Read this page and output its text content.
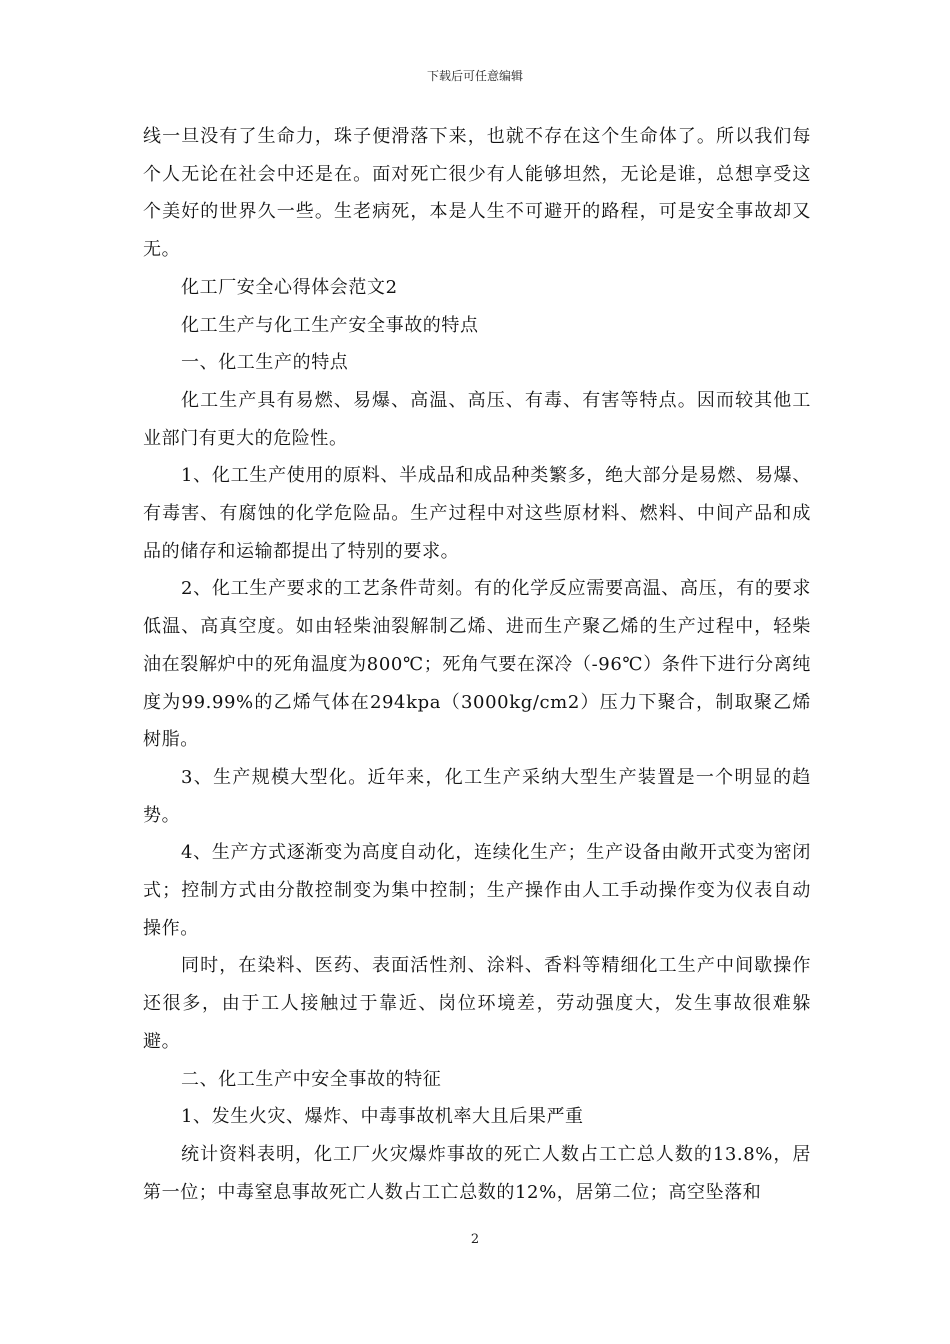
下载后可任意编辑

线一旦没有了生命力，珠子便滑落下来，也就不存在这个生命体了。所以我们每个人无论在社会中还是在。面对死亡很少有人能够坦然，无论是谁，总想享受这个美好的世界久一些。生老病死，本是人生不可避开的路程，可是安全事故却又无。

化工厂安全心得体会范文2

化工生产与化工生产安全事故的特点

一、化工生产的特点

化工生产具有易燃、易爆、高温、高压、有毒、有害等特点。因而较其他工业部门有更大的危险性。

1、化工生产使用的原料、半成品和成品种类繁多，绝大部分是易燃、易爆、有毒害、有腐蚀的化学危险品。生产过程中对这些原材料、燃料、中间产品和成品的储存和运输都提出了特别的要求。

2、化工生产要求的工艺条件苛刻。有的化学反应需要高温、高压，有的要求低温、高真空度。如由轻柴油裂解制乙烯、进而生产聚乙烯的生产过程中，轻柴油在裂解炉中的死角温度为800℃；死角气要在深冷（-96℃）条件下进行分离纯度为99.99%的乙烯气体在294kpa（3000kg/cm2）压力下聚合，制取聚乙烯树脂。

3、生产规模大型化。近年来，化工生产采纳大型生产装置是一个明显的趋势。

4、生产方式逐渐变为高度自动化，连续化生产；生产设备由敞开式变为密闭式；控制方式由分散控制变为集中控制；生产操作由人工手动操作变为仪表自动操作。

同时，在染料、医药、表面活性剂、涂料、香料等精细化工生产中间歇操作还很多，由于工人接触过于靠近、岗位环境差，劳动强度大，发生事故很难躲避。

二、化工生产中安全事故的特征

1、发生火灾、爆炸、中毒事故机率大且后果严重

统计资料表明，化工厂火灾爆炸事故的死亡人数占工亡总人数的13.8%，居第一位；中毒窒息事故死亡人数占工亡总数的12%，居第二位；高空坠落和

2
